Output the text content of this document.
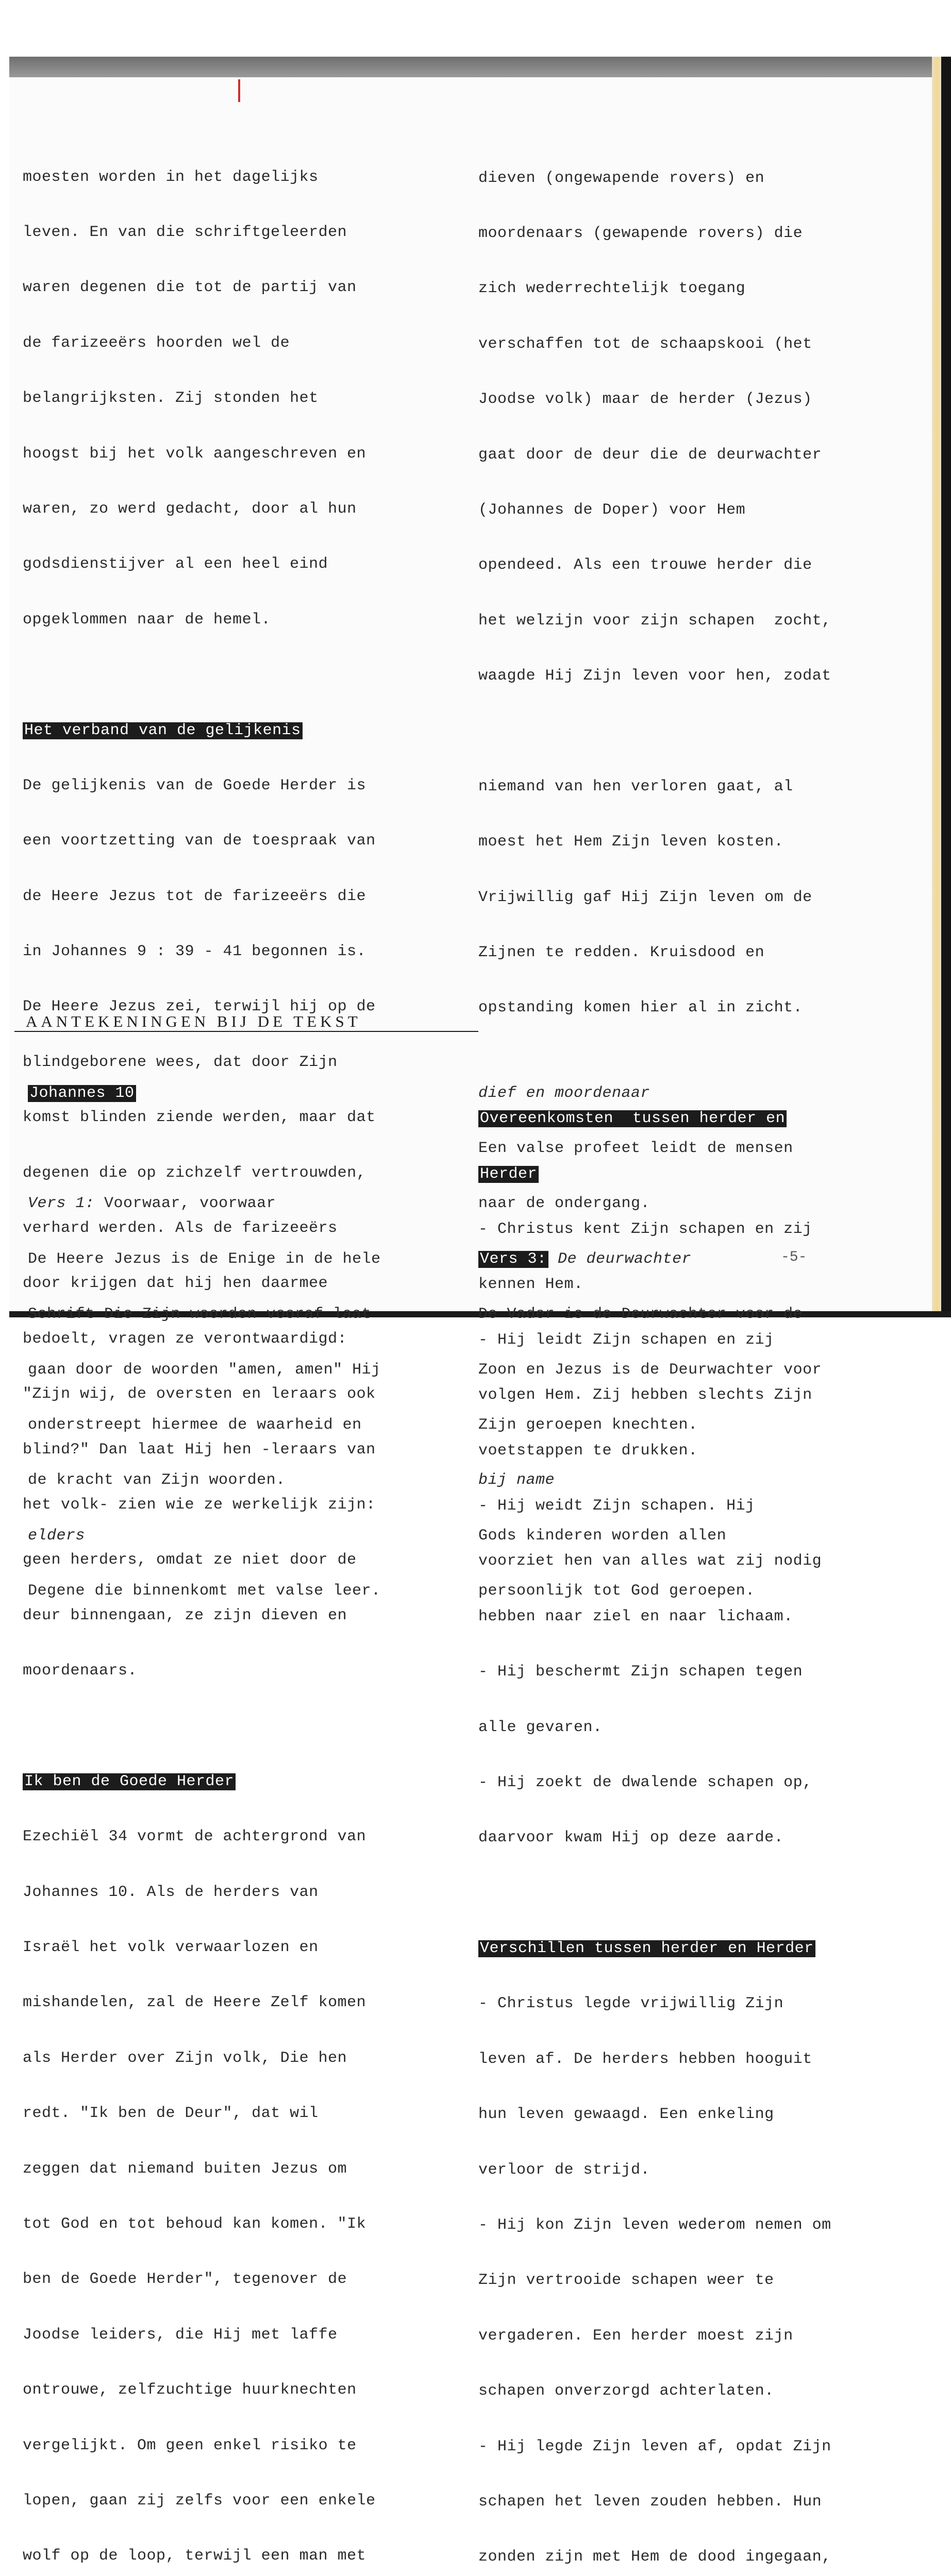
moesten worden in het dagelijks

leven. En van die schriftgeleerden

waren degenen die tot de partij van

de farizeeërs hoorden wel de

belangrijksten. Zij stonden het

hoogst bij het volk aangeschreven en

waren, zo werd gedacht, door al hun

godsdienstijver al een heel eind

opgeklommen naar de hemel.

Het verband van de gelijkenis

De gelijkenis van de Goede Herder is

een voortzetting van de toespraak van

de Heere Jezus tot de farizeeërs die

in Johannes 9 : 39 - 41 begonnen is.

De Heere Jezus zei, terwijl hij op de

blindgeborene wees, dat door Zijn

komst blinden ziende werden, maar dat

degenen die op zichzelf vertrouwden,

verhard werden. Als de farizeeërs

door krijgen dat hij hen daarmee

bedoelt, vragen ze verontwaardigd:

"Zijn wij, de oversten en leraars ook

blind?" Dan laat Hij hen -leraars van

het volk- zien wie ze werkelijk zijn:

geen herders, omdat ze niet door de

deur binnengaan, ze zijn dieven en

moordenaars.

Ik ben de Goede Herder

Ezechiël 34 vormt de achtergrond van

Johannes 10. Als de herders van

Israël het volk verwaarlozen en

mishandelen, zal de Heere Zelf komen

als Herder over Zijn volk, Die hen

redt. "Ik ben de Deur", dat wil

zeggen dat niemand buiten Jezus om

tot God en tot behoud kan komen. "Ik

ben de Goede Herder", tegenover de

Joodse leiders, die Hij met laffe

ontrouwe, zelfzuchtige huurknechten

vergelijkt. Om geen enkel risiko te

lopen, gaan zij zelfs voor een enkele

wolf op de loop, terwijl een man met

dieven (ongewapende rovers) en

moordenaars (gewapende rovers) die

zich wederrechtelijk toegang

verschaffen tot de schaapskooi (het

Joodse volk) maar de herder (Jezus)

gaat door de deur die de deurwachter

(Johannes de Doper) voor Hem

opendeed. Als een trouwe herder die

het welzijn voor zijn schapen  zocht,

waagde Hij Zijn leven voor hen, zodat

niemand van hen verloren gaat, al

moest het Hem Zijn leven kosten.

Vrijwillig gaf Hij Zijn leven om de

Zijnen te redden. Kruisdood en

opstanding komen hier al in zicht.

Overeenkomsten  tussen herder en

Herder

- Christus kent Zijn schapen en zij

kennen Hem.

- Hij leidt Zijn schapen en zij

volgen Hem. Zij hebben slechts Zijn

voetstappen te drukken.

- Hij weidt Zijn schapen. Hij

voorziet hen van alles wat zij nodig

hebben naar ziel en naar lichaam.

- Hij beschermt Zijn schapen tegen

alle gevaren.

- Hij zoekt de dwalende schapen op,

daarvoor kwam Hij op deze aarde.

Verschillen tussen herder en Herder

- Christus legde vrijwillig Zijn

leven af. De herders hebben hooguit

hun leven gewaagd. Een enkeling

verloor de strijd.

- Hij kon Zijn leven wederom nemen om

Zijn vertrooide schapen weer te

vergaderen. Een herder moest zijn

schapen onverzorgd achterlaten.

- Hij legde Zijn leven af, opdat Zijn

schapen het leven zouden hebben. Hun

zonden zijn met Hem de dood ingegaan,

AANTEKENINGEN BIJ DE TEKST

Johannes 10

Vers 1: Voorwaar, voorwaar

De Heere Jezus is de Enige in de hele

Schrift Die Zijn woorden vooraf laat

gaan door de woorden "amen, amen" Hij

onderstreept hiermee de waarheid en

de kracht van Zijn woorden.

elders

Degene die binnenkomt met valse leer.

dief en moordenaar

Een valse profeet leidt de mensen

naar de ondergang.

Vers 3: De deurwachter

De Vader is de Deurwachter voor de

Zoon en Jezus is de Deurwachter voor

Zijn geroepen knechten.

bij name

Gods kinderen worden allen

persoonlijk tot God geroepen.

-5-
